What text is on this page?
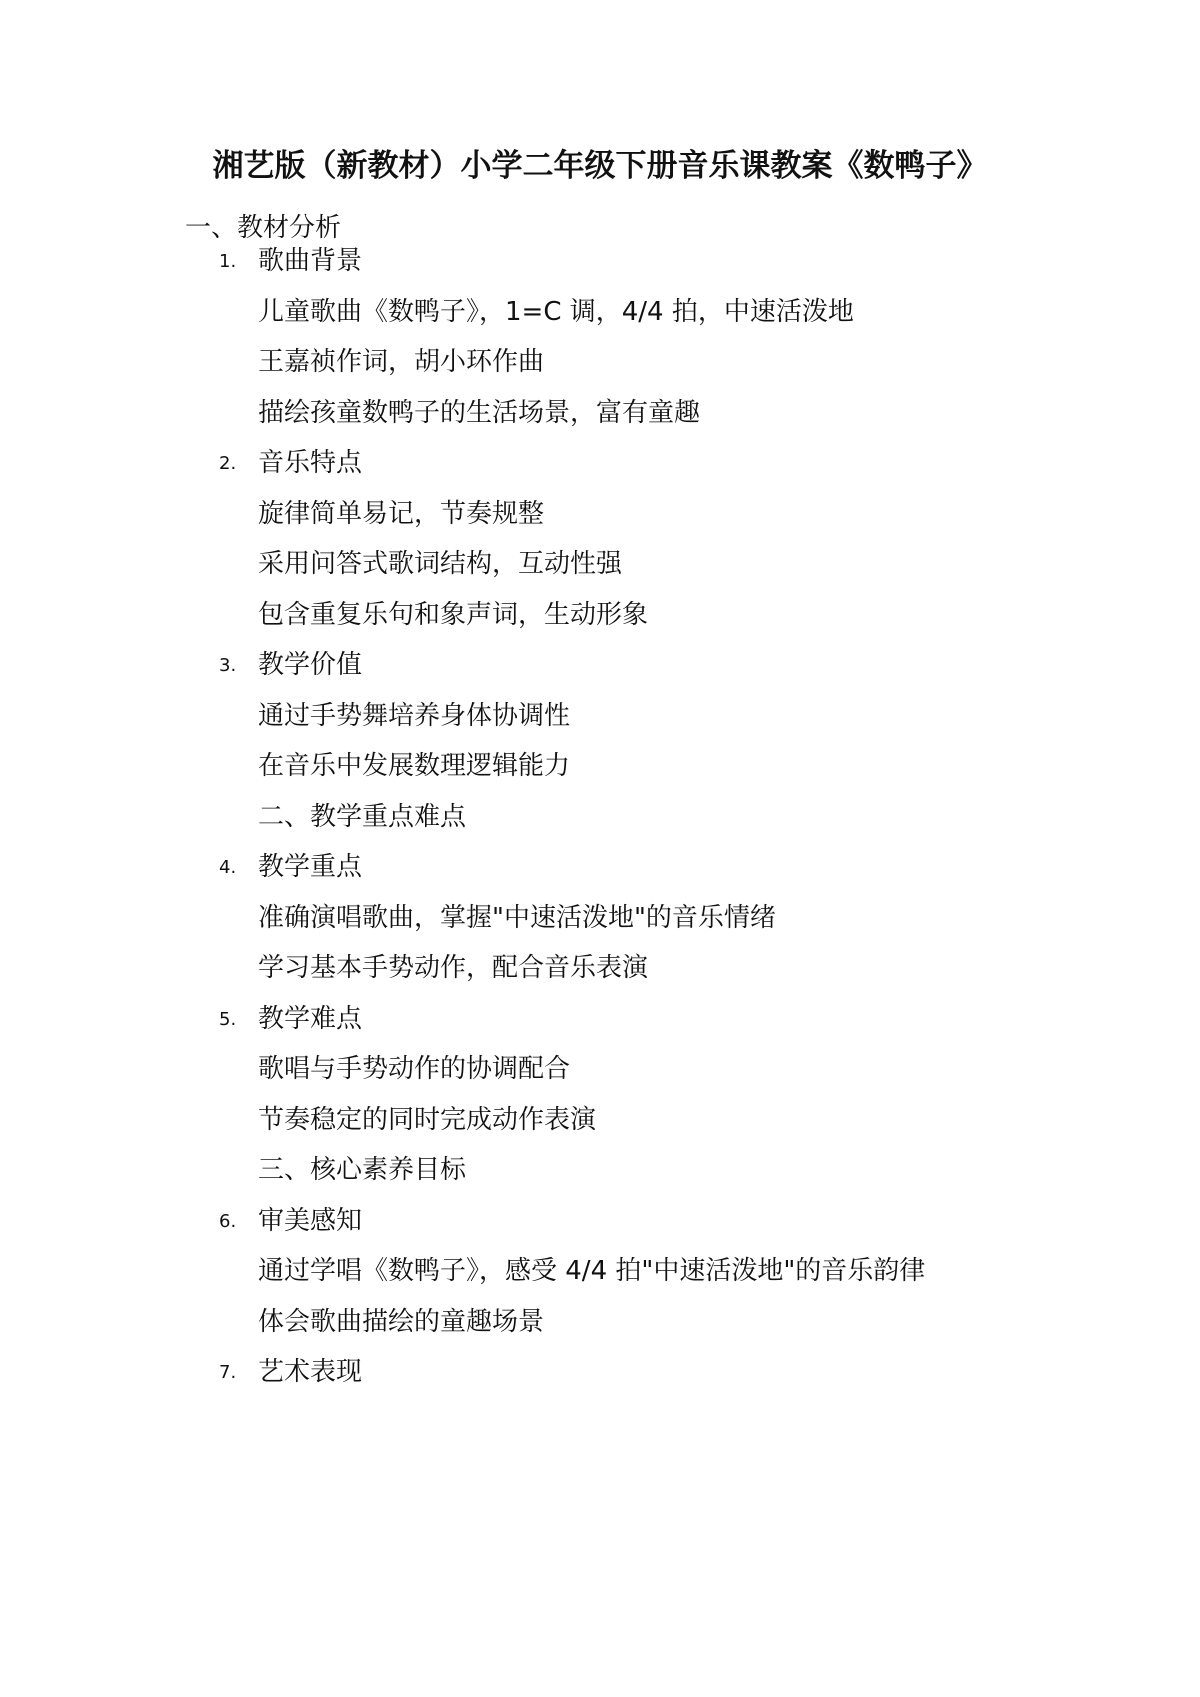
湘艺版（新教材）小学二年级下册音乐课教案《数鸭子》
一、教材分析
1. 歌曲背景
儿童歌曲《数鸭子》，1=C 调，4/4 拍，中速活泼地
王嘉祯作词，胡小环作曲
描绘孩童数鸭子的生活场景，富有童趣
2. 音乐特点
旋律简单易记，节奏规整
采用问答式歌词结构，互动性强
包含重复乐句和象声词，生动形象
3. 教学价值
通过手势舞培养身体协调性
在音乐中发展数理逻辑能力
二、教学重点难点
4. 教学重点
准确演唱歌曲，掌握"中速活泼地"的音乐情绪
学习基本手势动作，配合音乐表演
5. 教学难点
歌唱与手势动作的协调配合
节奏稳定的同时完成动作表演
三、核心素养目标
6. 审美感知
通过学唱《数鸭子》，感受 4/4 拍"中速活泼地"的音乐韵律
体会歌曲描绘的童趣场景
7. 艺术表现
